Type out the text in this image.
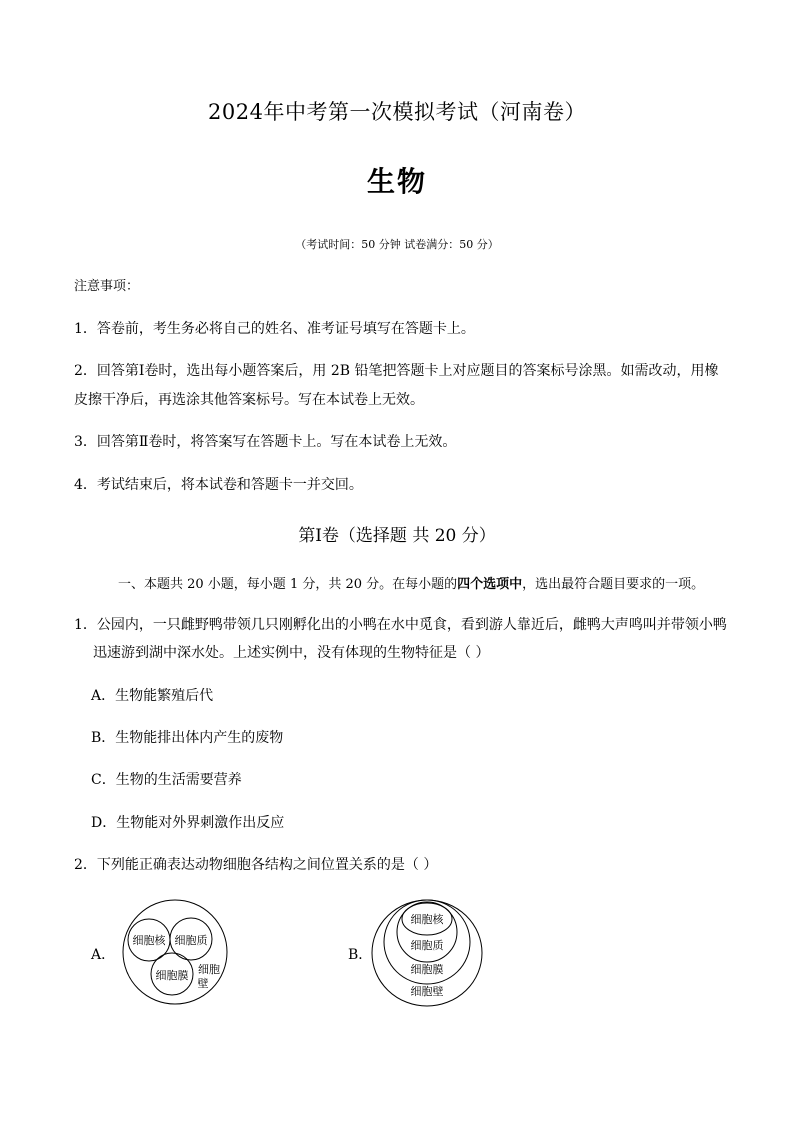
2024年中考第一次模拟考试（河南卷）
生物
（考试时间：50 分钟 试卷满分：50 分）
注意事项：
1．答卷前，考生务必将自己的姓名、准考证号填写在答题卡上。
2．回答第Ⅰ卷时，选出每小题答案后，用 2B 铅笔把答题卡上对应题目的答案标号涂黑。如需改动，用橡
皮擦干净后，再选涂其他答案标号。写在本试卷上无效。
3．回答第Ⅱ卷时，将答案写在答题卡上。写在本试卷上无效。
4．考试结束后，将本试卷和答题卡一并交回。
第Ⅰ卷（选择题 共 20 分）
一、本题共 20 小题，每小题 1 分，共 20 分。在每小题的四个选项中，选出最符合题目要求的一项。
1．公园内，一只雌野鸭带领几只刚孵化出的小鸭在水中觅食，看到游人靠近后，雌鸭大声鸣叫并带领小鸭
迅速游到湖中深水处。上述实例中，没有体现的生物特征是（ ）
A．生物能繁殖后代
B．生物能排出体内产生的废物
C．生物的生活需要营养
D．生物能对外界刺激作出反应
2．下列能正确表达动物细胞各结构之间位置关系的是（ ）
A．
细胞核 细胞质
细胞膜 细胞
壁
B．
细胞核
细胞质
细胞膜
细胞壁
